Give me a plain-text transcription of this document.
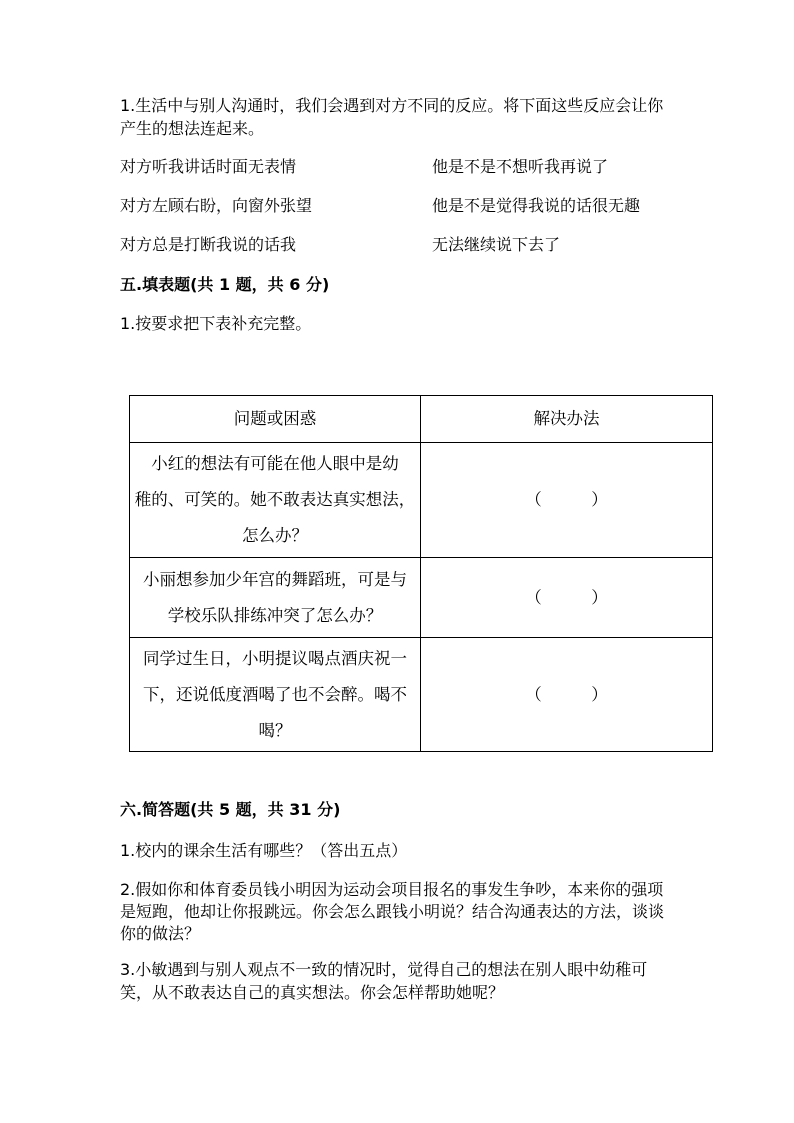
1.生活中与别人沟通时，我们会遇到对方不同的反应。将下面这些反应会让你
产生的想法连起来。
对方听我讲话时面无表情	他是不是不想听我再说了
对方左顾右盼，向窗外张望	他是不是觉得我说的话很无趣
对方总是打断我说的话我	无法继续说下去了
五.填表题(共 1 题，共 6 分)
1.按要求把下表补充完整。
问题或困惑	解决办法

小红的想法有可能在他人眼中是幼
稚的、可笑的。她不敢表达真实想法，
怎么办？	（　　　）

小丽想参加少年宫的舞蹈班，可是与
学校乐队排练冲突了怎么办？	（　　　）

同学过生日，小明提议喝点酒庆祝一
下，还说低度酒喝了也不会醉。喝不
喝？	（　　　）
六.简答题(共 5 题，共 31 分)
1.校内的课余生活有哪些？（答出五点）
2.假如你和体育委员钱小明因为运动会项目报名的事发生争吵，本来你的强项
是短跑，他却让你报跳远。你会怎么跟钱小明说？结合沟通表达的方法，谈谈
你的做法？
3.小敏遇到与别人观点不一致的情况时，觉得自己的想法在别人眼中幼稚可
笑，从不敢表达自己的真实想法。你会怎样帮助她呢？
